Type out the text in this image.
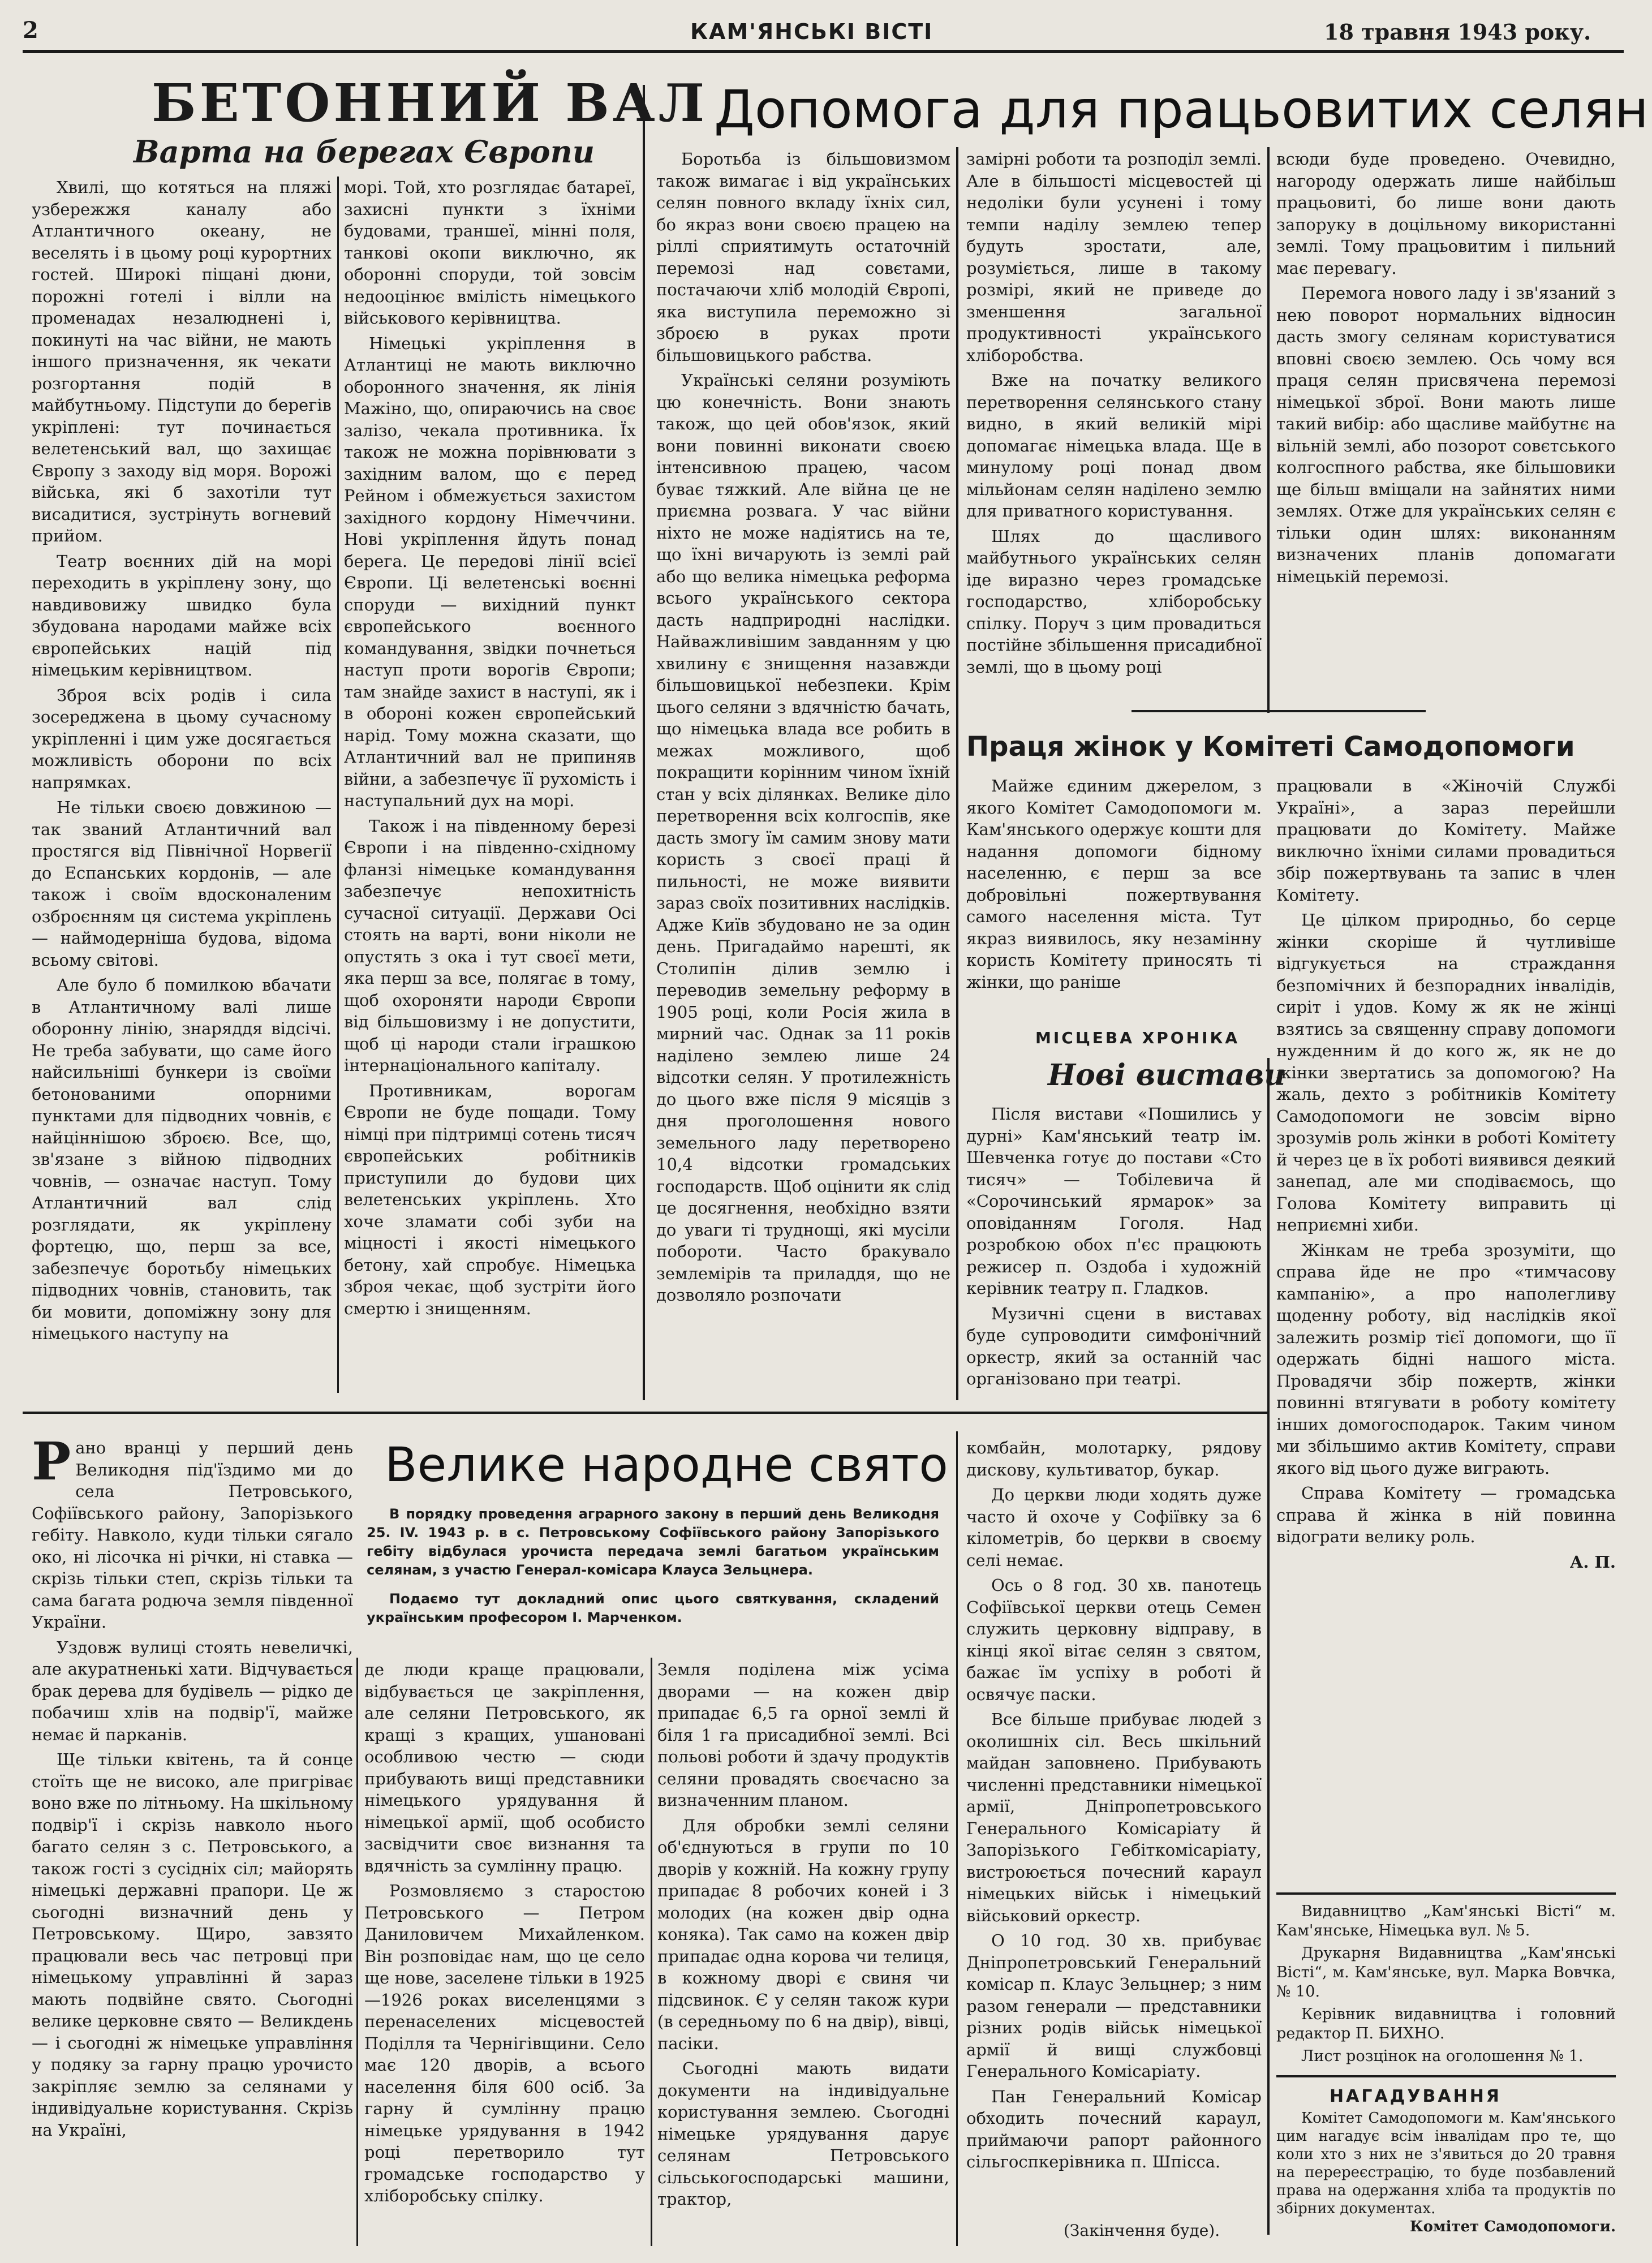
2	КАМ'ЯНСЬКІ ВІСТІ	18 травня 1943 року.
БЕТОННИЙ ВАЛ
Варта на берегах Європи

Хвилі, що котяться на пляжі узбережжя каналу або Атлантичного океану, не веселять і в цьому році курортних гостей. Широкі піщані дюни, порожні готелі і вілли на променадах незалюднені і, покинуті на час війни, не мають іншого призначення, як чекати розгортання подій в майбутньому. Підступи до берегів укріплені: тут починається велетенський вал, що захищає Європу з заходу від моря. Ворожі війська, які б захотіли тут висадитися, зустрінуть вогневий прийом.

Театр воєнних дій на морі переходить в укріплену зону, що навдивовижу швидко була збудована народами майже всіх європейських націй під німецьким керівництвом.

Зброя всіх родів і сила зосереджена в цьому сучасному укріпленні і цим уже досягається можливість оборони по всіх напрямках.

Не тільки своєю довжиною — так званий Атлантичний вал простягся від Північної Норвегії до Еспанських кордонів, — але також і своїм вдосконаленим озброєнням ця система укріплень — наймодерніша будова, відома всьому світові.

Але було б помилкою вбачати в Атлантичному валі лише оборонну лінію, знаряддя відсічі. Не треба забувати, що саме його найсильніші бункери із своїми бетонованими опорними пунктами для підводних човнів, є найціннішою зброєю. Все, що, зв'язане з війною підводних човнів, — означає наступ. Тому Атлантичний вал слід розглядати, як укріплену фортецю, що, перш за все, забезпечує боротьбу німецьких підводних човнів, становить, так би мовити, допоміжну зону для німецького наступу на

морі. Той, хто розглядає батареї, захисні пункти з їхніми будовами, траншеї, мінні поля, танкові окопи виключно, як оборонні споруди, той зовсім недооцінює вмілість німецького військового керівництва.

Німецькі укріплення в Атлантиці не мають виключно оборонного значення, як лінія Мажіно, що, опираючись на своє залізо, чекала противника. Їх також не можна порівнювати з західним валом, що є перед Рейном і обмежується захистом західного кордону Німеччини. Нові укріплення йдуть понад берега. Це передові лінії всієї Європи. Ці велетенські воєнні споруди — вихідний пункт європейського воєнного командування, звідки почнеться наступ проти ворогів Європи; там знайде захист в наступі, як і в обороні кожен європейський нарід. Тому можна сказати, що Атлантичний вал не припиняв війни, а забезпечує її рухомість і наступальний дух на морі.

Також і на південному березі Європи і на південно-східному фланзі німецьке командування забезпечує непохитність сучасної ситуації. Держави Осі стоять на варті, вони ніколи не опустять з ока і тут своєї мети, яка перш за все, полягає в тому, щоб охороняти народи Європи від більшовизму і не допустити, щоб ці народи стали іграшкою інтернаціонального капіталу.

Противникам, ворогам Європи не буде пощади. Тому німці при підтримці сотень тисяч європейських робітників приступили до будови цих велетенських укріплень. Хто хоче зламати собі зуби на міцності і якості німецького бетону, хай спробує. Німецька зброя чекає, щоб зустріти його смертю і знищенням.

Допомога для працьовитих селян

Боротьба із більшовизмом також вимагає і від українських селян повного вкладу їхніх сил, бо якраз вони своєю працею на ріллі сприятимуть остаточній перемозі над совєтами, постачаючи хліб молодій Європі, яка виступила переможно зі зброєю в руках проти більшовицького рабства.

Українські селяни розуміють цю конечність. Вони знають також, що цей обов'язок, який вони повинні виконати своєю інтенсивною працею, часом буває тяжкий. Але війна це не приємна розвага. У час війни ніхто не може надіятись на те, що їхні вичарують із землі рай або що велика німецька реформа всього українського сектора дасть надприродні наслідки. Найважливішим завданням у цю хвилину є знищення назавжди більшовицької небезпеки. Крім цього селяни з вдячністю бачать, що німецька влада все робить в межах можливого, щоб покращити корінним чином їхній стан у всіх ділянках. Велике діло перетворення всіх колгоспів, яке дасть змогу їм самим знову мати користь з своєї праці й пильності, не може виявити зараз своїх позитивних наслідків. Адже Київ збудовано не за один день. Пригадаймо нарешті, як Столипін ділив землю і переводив земельну реформу в 1905 році, коли Росія жила в мирний час. Однак за 11 років наділено землею лише 24 відсотки селян. У протилежність до цього вже після 9 місяців з дня проголошення нового земельного ладу перетворено 10,4 відсотки громадських господарств. Щоб оцінити як слід це досягнення, необхідно взяти до уваги ті труднощі, які мусіли побороти. Часто бракувало землемірів та приладдя, що не дозволяло розпочати

замірні роботи та розподіл землі. Але в більшості місцевостей ці недоліки були усунені і тому темпи наділу землею тепер будуть зростати, але, розуміється, лише в такому розмірі, який не приведе до зменшення загальної продуктивності українського хліборобства.

Вже на початку великого перетворення селянського стану видно, в який великій мірі допомагає німецька влада. Ще в минулому році понад двом мільйонам селян наділено землю для приватного користування.

Шлях до щасливого майбутнього українських селян іде виразно через громадське господарство, хліборобську спілку. Поруч з цим провадиться постійне збільшення присадибної землі, що в цьому році

всюди буде проведено. Очевидно, нагороду одержать лише найбільш працьовиті, бо лише вони дають запоруку в доцільному використанні землі. Тому працьовитим і пильний має перевагу.

Перемога нового ладу і зв'язаний з нею поворот нормальних відносин дасть змогу селянам користуватися вповні своєю землею. Ось чому вся праця селян присвячена перемозі німецької зброї. Вони мають лише такий вибір: або щасливе майбутнє на вільній землі, або позорот совєтського колгоспного рабства, яке більшовики ще більш вміщали на зайнятих ними землях. Отже для українських селян є тільки один шлях: виконанням визначених планів допомагати німецькій перемозі.

Праця жінок у Комітеті Самодопомоги

Майже єдиним джерелом, з якого Комітет Самодопомоги м. Кам'янського одержує кошти для надання допомоги бідному населенню, є перш за все добровільні пожертвування самого населення міста. Тут якраз виявилось, яку незамінну користь Комітету приносять ті жінки, що раніше

працювали в «Жіночій Службі Україні», а зараз перейшли працювати до Комітету. Майже виключно їхніми силами провадиться збір пожертвувань та запис в член Комітету.

Це цілком природньо, бо серце жінки скоріше й чутливіше відгукується на страждання безпомічних й безпорадних інвалідів, сиріт і удов. Кому ж як не жінці взятись за священну справу допомоги нужденним й до кого ж, як не до жінки звертатись за допомогою? На жаль, дехто з робітників Комітету Самодопомоги не зовсім вірно зрозумів роль жінки в роботі Комітету й через це в їх роботі виявився деякий занепад, але ми сподіваємось, що Голова Комітету виправить ці неприємні хиби.

Жінкам не треба зрозуміти, що справа йде не про «тимчасову кампанію», а про наполегливу щоденну роботу, від наслідків якої залежить розмір тієї допомоги, що її одержать бідні нашого міста. Провадячи збір пожертв, жінки повинні втягувати в роботу комітету інших домогосподарок. Таким чином ми збільшимо актив Комітету, справи якого від цього дуже виграють.

Справа Комітету — громадська справа й жінка в ній повинна відограти велику роль.

А. П.
МІСЦЕВА ХРОНІКА
Нові вистави

Після вистави «Пошились у дурні» Кам'янський театр ім. Шевченка готує до постави «Сто тисяч» — Тобілевича й «Сорочинський ярмарок» за оповіданням Гоголя. Над розробкою обох п'єс працюють режисер п. Оздоба і художній керівник театру п. Гладков.

Музичні сцени в виставах буде супроводити симфонічний оркестр, який за останній час організовано при театрі.

Велике народне свято

В порядку проведення аграрного закону в перший день Великодня 25. IV. 1943 р. в с. Петровському Софіївського району Запорізького гебіту відбулася урочиста передача землі багатьом українським селянам, з участю Генерал-комісара Клауса Зельцнера.

Подаємо тут докладний опис цього святкування, складений українським професором І. Марченком.

Р ано вранці у перший день Великодня під'їздимо ми до села Петровського, Софіївського району, Запорізького гебіту. Навколо, куди тільки сягало око, ні лісочка ні річки, ні ставка — скрізь тільки степ, скрізь тільки та сама багата родюча земля південної України.

Уздовж вулиці стоять невеличкі, але акуратненькі хати. Відчувається брак дерева для будівель — рідко де побачиш хлів на подвір'ї, майже немає й парканів.

Ще тільки квітень, та й сонце стоїть ще не високо, але пригріває воно вже по літньому. На шкільному подвір'ї і скрізь навколо нього багато селян з с. Петровського, а також гості з сусідніх сіл; майорять німецькі державні прапори. Це ж сьогодні визначний день у Петровському. Щиро, завзято працювали весь час петровці при німецькому управлінні й зараз мають подвійне свято. Сьогодні велике церковне свято — Великдень — і сьогодні ж німецьке управління у подяку за гарну працю урочисто закріпляє землю за селянами у індивідуальне користування. Скрізь на Україні,

де люди краще працювали, відбувається це закріплення, але селяни Петровського, як кращі з кращих, ушановані особливою честю — сюди прибувають вищі представники німецького урядування й німецької армії, щоб особисто засвідчити своє визнання та вдячність за сумлінну працю.

Розмовляємо з старостою Петровського — Петром Даниловичем Михайленком. Він розповідає нам, що це село ще нове, заселене тільки в 1925—1926 роках виселенцями з перенаселених місцевостей Поділля та Чернігівщини. Село має 120 дворів, а всього населення біля 600 осіб. За гарну й сумлінну працю німецьке урядування в 1942 році перетворило тут громадське господарство у хліборобську спілку.

Земля поділена між усіма дворами — на кожен двір припадає 6,5 га орної землі й біля 1 га присадибної землі. Всі польові роботи й здачу продуктів селяни провадять своєчасно за визначенним планом.

Для обробки землі селяни об'єднуються в групи по 10 дворів у кожній. На кожну групу припадає 8 робочих коней і 3 молодих (на кожен двір одна коняка). Так само на кожен двір припадає одна корова чи телиця, в кожному дворі є свиня чи підсвинок. Є у селян також кури (в середньому по 6 на двір), вівці, пасіки.

Сьогодні мають видати документи на індивідуальне користування землею. Сьогодні німецьке урядування дарує селянам Петровського сільськогосподарські машини, трактор,

комбайн, молотарку, рядову дискову, культиватор, букар.

До церкви люди ходять дуже часто й охоче у Софіївку за 6 кілометрів, бо церкви в своєму селі немає.

Ось о 8 год. 30 хв. панотець Софіївської церкви отець Семен служить церковну відправу, в кінці якої вітає селян з святом, бажає їм успіху в роботі й освячує паски.

Все більше прибуває людей з околишніх сіл. Весь шкільний майдан заповнено. Прибувають численні представники німецької армії, Дніпропетровського Генерального Комісаріату й Запорізького Гебіткомісаріату, вистроюється почесний караул німецьких військ і німецький військовий оркестр.

О 10 год. 30 хв. прибуває Дніпропетровський Генеральний комісар п. Клаус Зельцнер; з ним разом генерали — представники різних родів військ німецької армії й вищі службовці Генерального Комісаріату.

Пан Генеральний Комісар обходить почесний караул, приймаючи рапорт районного сільгоспкерівника п. Шпісса.

(Закінчення буде).

Видавництво „Кам'янські Вісті“ м. Кам'янське, Німецька вул. № 5.

Друкарня Видавництва „Кам'янські Вісті“, м. Кам'янське, вул. Марка Вовчка, № 10.

Керівник видавництва і головний редактор П. БИХНО.

Лист розцінок на оголошення № 1.

НАГАДУВАННЯ

Комітет Самодопомоги м. Кам'янського цим нагадує всім інвалідам про те, що коли хто з них не з'явиться до 20 травня на перереєстрацію, то буде позбавлений права на одержання хліба та продуктів по збірних документах.

Комітет Самодопомоги.
